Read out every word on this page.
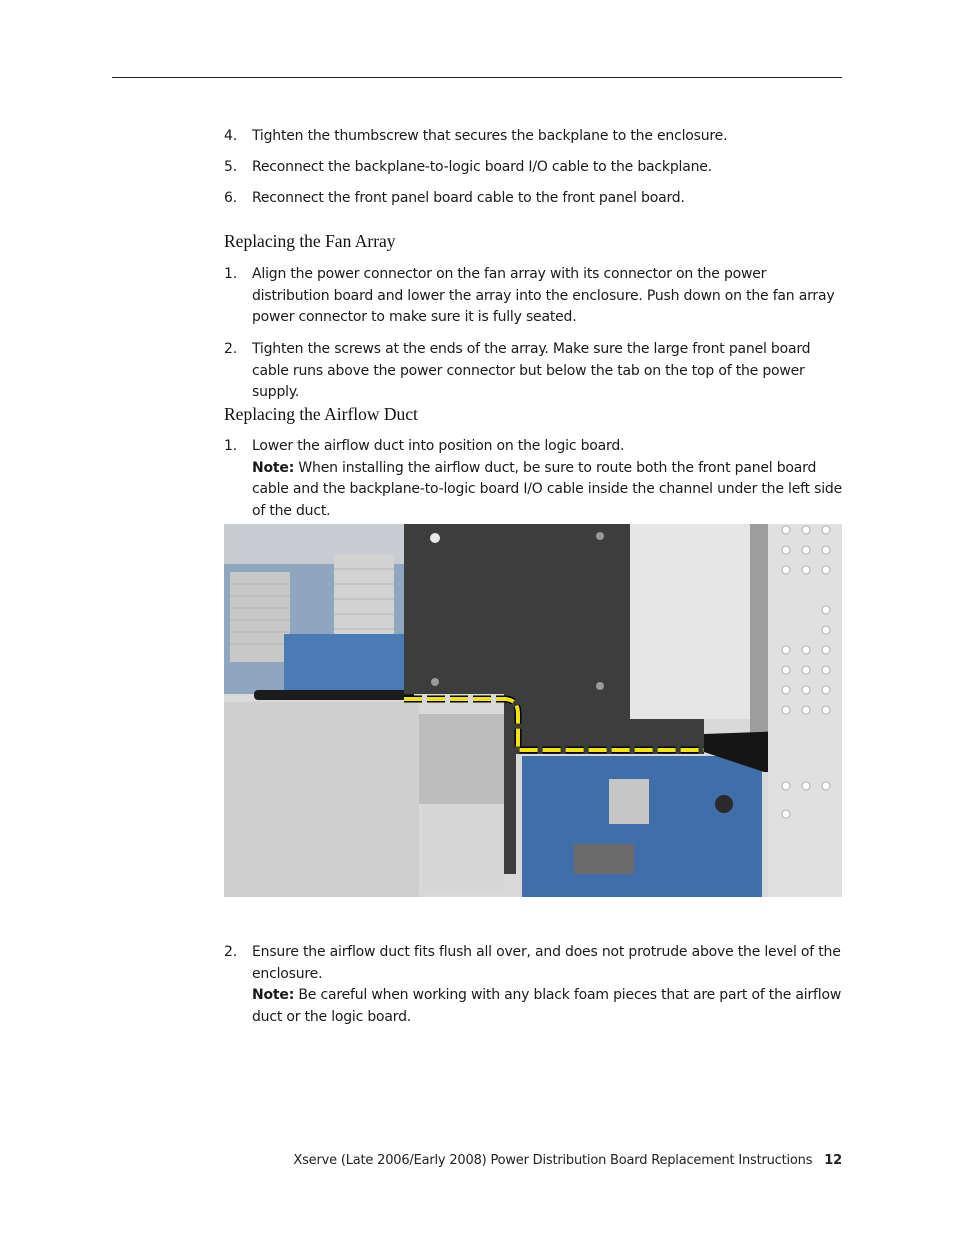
4.	Tighten the thumbscrew that secures the backplane to the enclosure.
5.	Reconnect the backplane-to-logic board I/O cable to the backplane.
6.	Reconnect the front panel board cable to the front panel board.
Replacing the Fan Array
1.	Align the power connector on the fan array with its connector on the power distribution board and lower the array into the enclosure. Push down on the fan array power connector to make sure it is fully seated.
2.	Tighten the screws at the ends of the array. Make sure the large front panel board cable runs above the power connector but below the tab on the top of the power supply.
Replacing the Airflow Duct
1.	Lower the airflow duct into position on the logic board.
Note: When installing the airflow duct, be sure to route both the front panel board cable and the backplane-to-logic board I/O cable inside the channel under the left side of the duct.
2.	Ensure the airflow duct fits flush all over, and does not protrude above the level of the enclosure.
Note: Be careful when working with any black foam pieces that are part of the airflow duct or the logic board.
Xserve (Late 2006/Early 2008) Power Distribution Board Replacement Instructions 12
